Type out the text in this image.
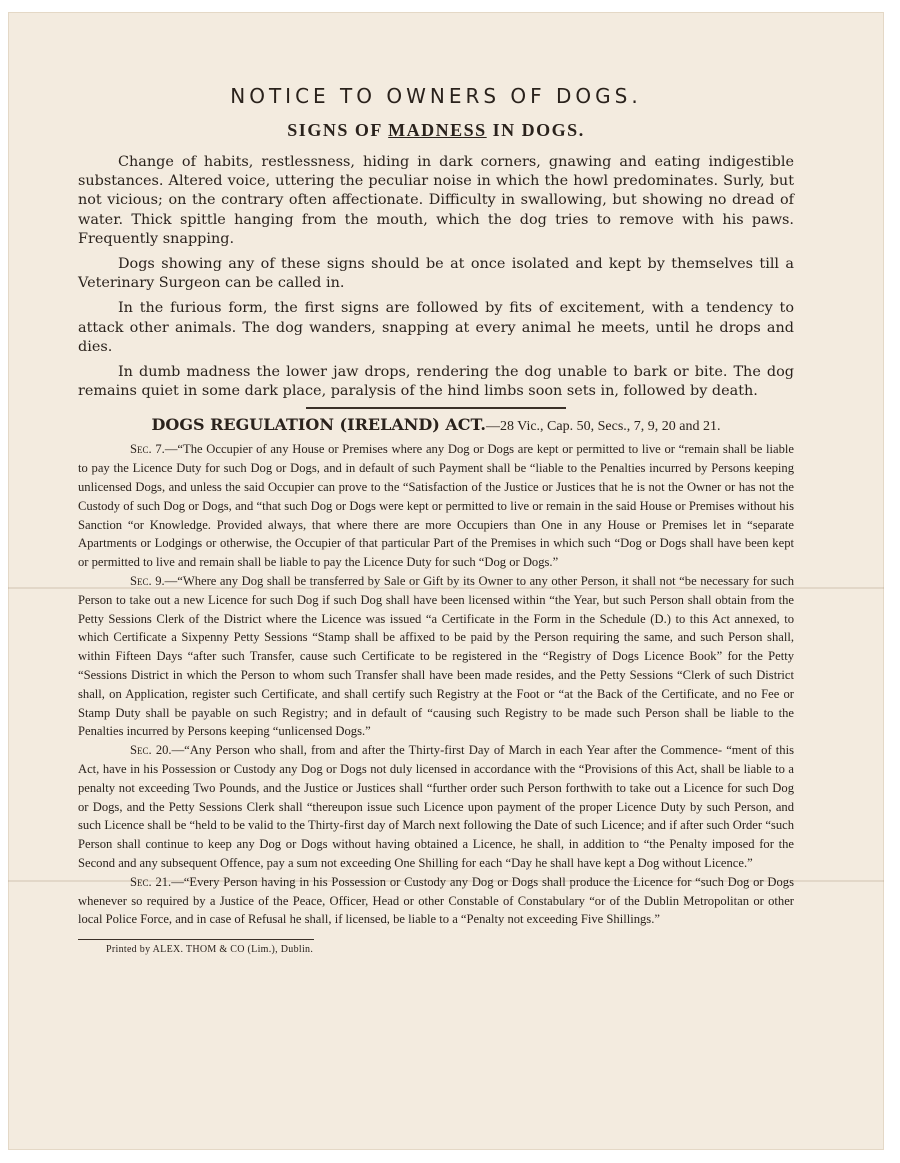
NOTICE TO OWNERS OF DOGS.
SIGNS OF MADNESS IN DOGS.

Change of habits, restlessness, hiding in dark corners, gnawing and eating indigestible substances. Altered voice, uttering the peculiar noise in which the howl predominates. Surly, but not vicious; on the contrary often affectionate. Difficulty in swallowing, but showing no dread of water. Thick spittle hanging from the mouth, which the dog tries to remove with his paws. Frequently snapping.

Dogs showing any of these signs should be at once isolated and kept by themselves till a Veterinary Surgeon can be called in.

In the furious form, the first signs are followed by fits of excitement, with a tendency to attack other animals. The dog wanders, snapping at every animal he meets, until he drops and dies.

In dumb madness the lower jaw drops, rendering the dog unable to bark or bite. The dog remains quiet in some dark place, paralysis of the hind limbs soon sets in, followed by death.

DOGS REGULATION (IRELAND) ACT.—28 Vic., Cap. 50, Secs., 7, 9, 20 and 21.

Sec. 7.—“The Occupier of any House or Premises where any Dog or Dogs are kept or permitted to live or “remain shall be liable to pay the Licence Duty for such Dog or Dogs, and in default of such Payment shall be “liable to the Penalties incurred by Persons keeping unlicensed Dogs, and unless the said Occupier can prove to the “Satisfaction of the Justice or Justices that he is not the Owner or has not the Custody of such Dog or Dogs, and “that such Dog or Dogs were kept or permitted to live or remain in the said House or Premises without his Sanction “or Knowledge. Provided always, that where there are more Occupiers than One in any House or Premises let in “separate Apartments or Lodgings or otherwise, the Occupier of that particular Part of the Premises in which such “Dog or Dogs shall have been kept or permitted to live and remain shall be liable to pay the Licence Duty for such “Dog or Dogs.”

Sec. 9.—“Where any Dog shall be transferred by Sale or Gift by its Owner to any other Person, it shall not “be necessary for such Person to take out a new Licence for such Dog if such Dog shall have been licensed within “the Year, but such Person shall obtain from the Petty Sessions Clerk of the District where the Licence was issued “a Certificate in the Form in the Schedule (D.) to this Act annexed, to which Certificate a Sixpenny Petty Sessions “Stamp shall be affixed to be paid by the Person requiring the same, and such Person shall, within Fifteen Days “after such Transfer, cause such Certificate to be registered in the “Registry of Dogs Licence Book” for the Petty “Sessions District in which the Person to whom such Transfer shall have been made resides, and the Petty Sessions “Clerk of such District shall, on Application, register such Certificate, and shall certify such Registry at the Foot or “at the Back of the Certificate, and no Fee or Stamp Duty shall be payable on such Registry; and in default of “causing such Registry to be made such Person shall be liable to the Penalties incurred by Persons keeping “unlicensed Dogs.”

Sec. 20.—“Any Person who shall, from and after the Thirty-first Day of March in each Year after the Commence- “ment of this Act, have in his Possession or Custody any Dog or Dogs not duly licensed in accordance with the “Provisions of this Act, shall be liable to a penalty not exceeding Two Pounds, and the Justice or Justices shall “further order such Person forthwith to take out a Licence for such Dog or Dogs, and the Petty Sessions Clerk shall “thereupon issue such Licence upon payment of the proper Licence Duty by such Person, and such Licence shall be “held to be valid to the Thirty-first day of March next following the Date of such Licence; and if after such Order “such Person shall continue to keep any Dog or Dogs without having obtained a Licence, he shall, in addition to “the Penalty imposed for the Second and any subsequent Offence, pay a sum not exceeding One Shilling for each “Day he shall have kept a Dog without Licence.”

Sec. 21.—“Every Person having in his Possession or Custody any Dog or Dogs shall produce the Licence for “such Dog or Dogs whenever so required by a Justice of the Peace, Officer, Head or other Constable of Constabulary “or of the Dublin Metropolitan or other local Police Force, and in case of Refusal he shall, if licensed, be liable to a “Penalty not exceeding Five Shillings.”

Printed by ALEX. THOM & CO (Lim.), Dublin.
